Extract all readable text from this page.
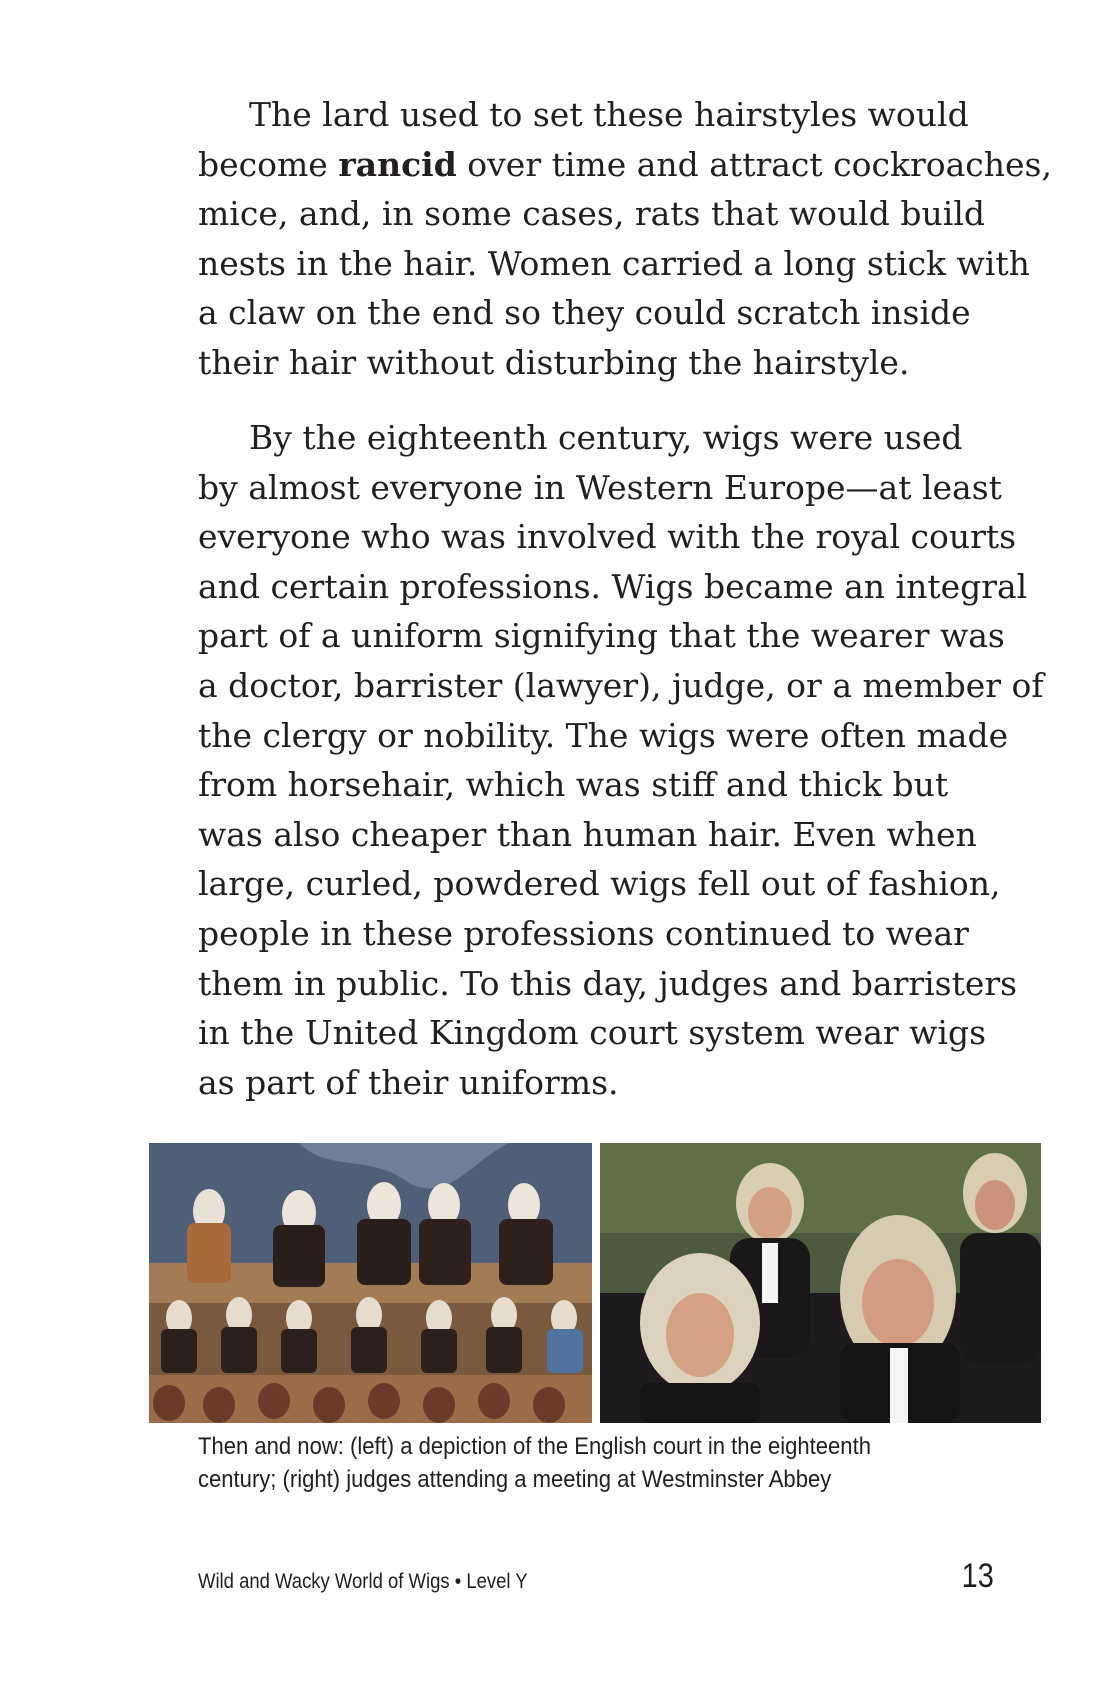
The lard used to set these hairstyles would
become rancid over time and attract cockroaches,
mice, and, in some cases, rats that would build
nests in the hair. Women carried a long stick with
a claw on the end so they could scratch inside
their hair without disturbing the hairstyle.

By the eighteenth century, wigs were used
by almost everyone in Western Europe—at least
everyone who was involved with the royal courts
and certain professions. Wigs became an integral
part of a uniform signifying that the wearer was
a doctor, barrister (lawyer), judge, or a member of
the clergy or nobility. The wigs were often made
from horsehair, which was stiff and thick but
was also cheaper than human hair. Even when
large, curled, powdered wigs fell out of fashion,
people in these professions continued to wear
them in public. To this day, judges and barristers
in the United Kingdom court system wear wigs
as part of their uniforms.

Then and now: (left) a depiction of the English court in the eighteenth
century; (right) judges attending a meeting at Westminster Abbey

Wild and Wacky World of Wigs • Level Y	13
